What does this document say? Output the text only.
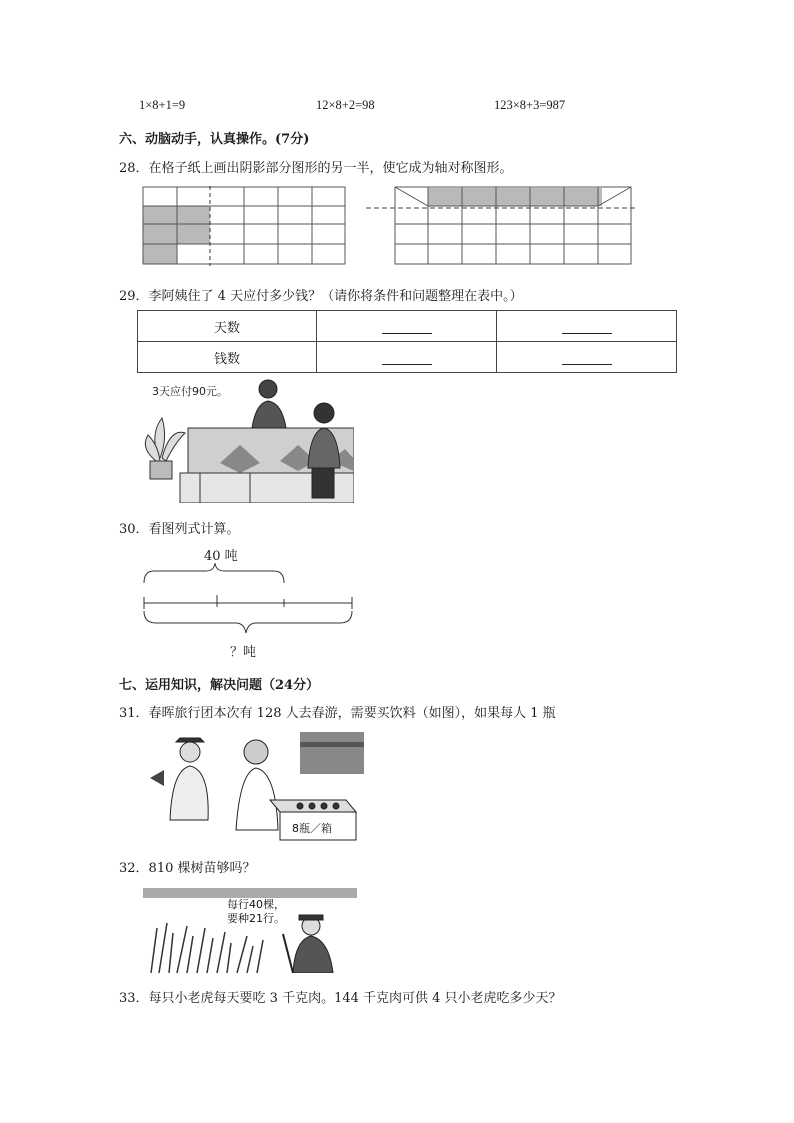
1×8+1=9	12×8+2=98	123×8+3=987
六、动脑动手，认真操作。(7分)
28．在格子纸上画出阴影部分图形的另一半，使它成为轴对称图形。
29．李阿姨住了 4 天应付多少钱？（请你将条件和问题整理在表中。）
天数		
钱数		
3天应付90元。
30．看图列式计算。
40 吨
？吨
七、运用知识，解决问题（24分）
31．春晖旅行团本次有 128 人去春游，需要买饮料（如图），如果每人 1 瓶
8瓶／箱
32．810 棵树苗够吗？
每行40棵，
要种21行。
33．每只小老虎每天要吃 3 千克肉。144 千克肉可供 4 只小老虎吃多少天？
